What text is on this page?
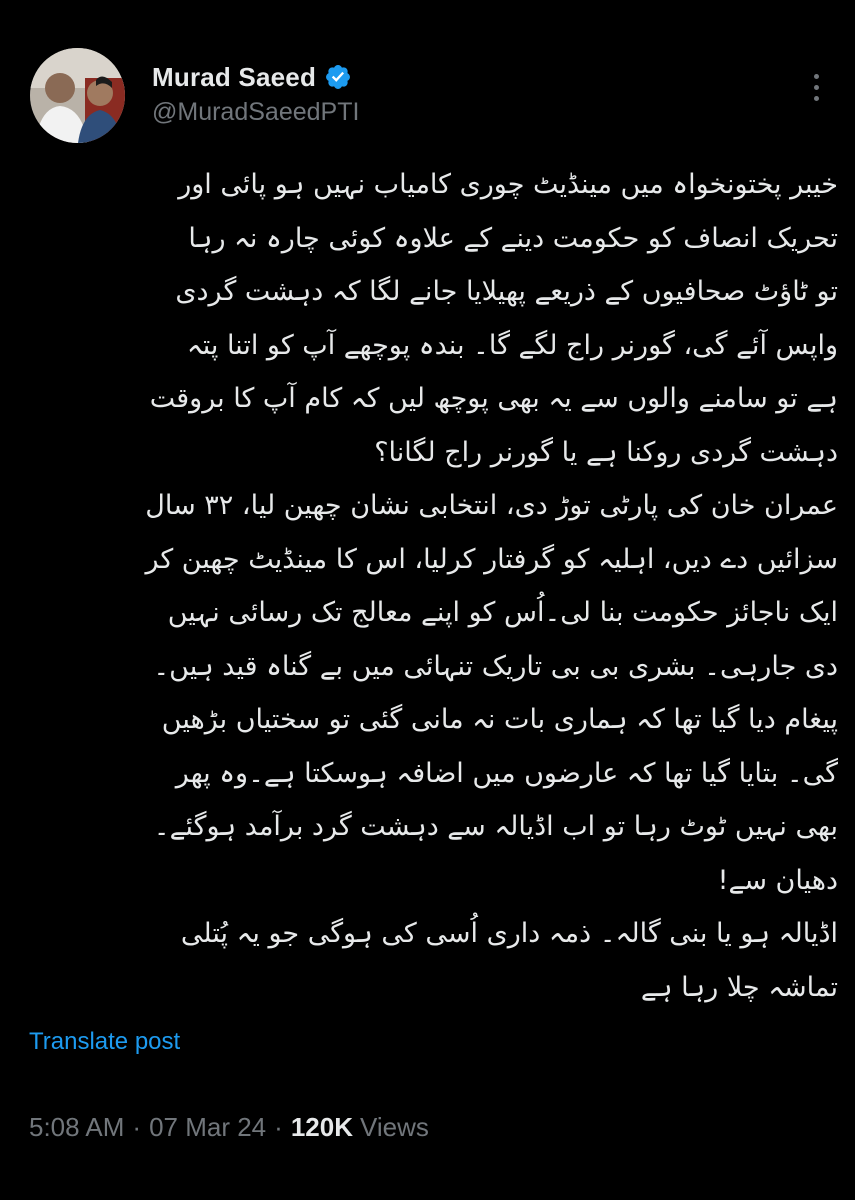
Murad Saeed
@MuradSaeedPTI
خیبر پختونخواہ میں مینڈیٹ چوری کامیاب نہیں ہو پائی اور
تحریک انصاف کو حکومت دینے کے علاوہ کوئی چارہ نہ رہا
تو ٹاؤٹ صحافیوں کے ذریعے پھیلایا جانے لگا کہ دہشت گردی
واپس آئے گی، گورنر راج لگے گا۔ بندہ پوچھے آپ کو اتنا پتہ
ہے تو سامنے والوں سے یہ بھی پوچھ لیں کہ کام آپ کا بروقت
دہشت گردی روکنا ہے یا گورنر راج لگانا؟
عمران خان کی پارٹی توڑ دی، انتخابی نشان چھین لیا، ۳۲ سال
سزائیں دے دیں، اہلیہ کو گرفتار کرلیا، اس کا مینڈیٹ چھین کر
ایک ناجائز حکومت بنا لی۔اُس کو اپنے معالج تک رسائی نہیں
دی جارہی۔ بشری بی بی تاریک تنہائی میں بے گناہ قید ہیں۔
پیغام دیا گیا تھا کہ ہماری بات نہ مانی گئی تو سختیاں بڑھیں
گی۔ بتایا گیا تھا کہ عارضوں میں اضافہ ہوسکتا ہے۔وہ پھر
بھی نہیں ٹوٹ رہا تو اب اڈیالہ سے دہشت گرد برآمد ہوگئے۔
دھیان سے!
اڈیالہ ہو یا بنی گالہ۔ ذمہ داری اُسی کی ہوگی جو یہ پُتلی
تماشہ چلا رہا ہے
Translate post
5:08 AM · 07 Mar 24 · 120K Views
